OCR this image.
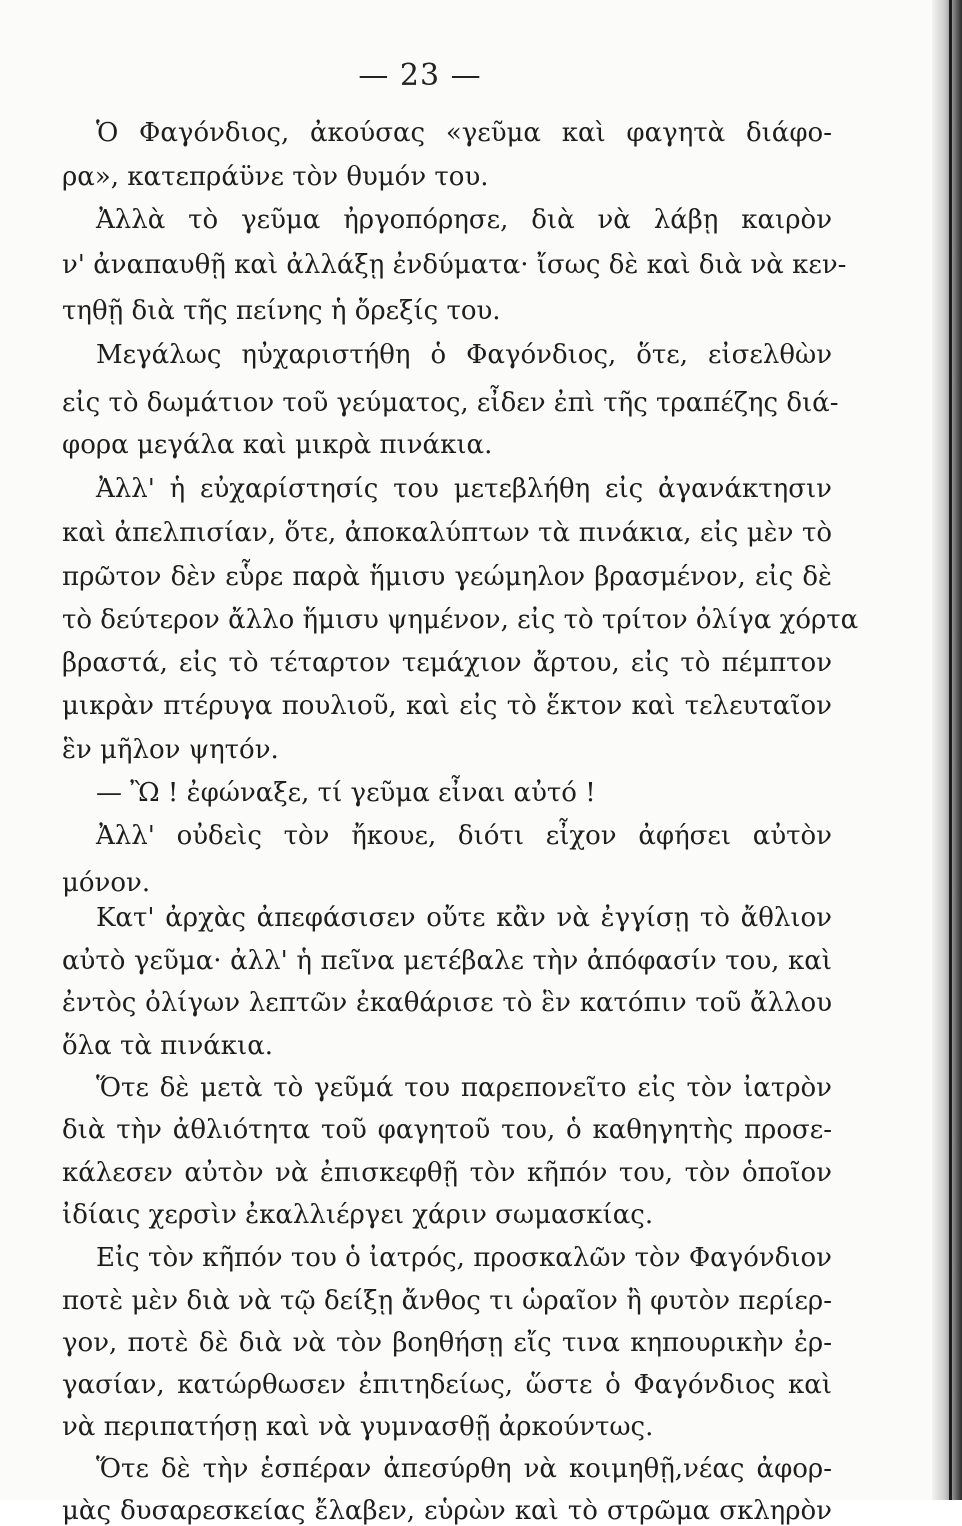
— 23 —
Ὁ Φαγόνδιος, ἀκούσας «γεῦμα καὶ φαγητὰ διάφο-
ρα», κατεπράϋνε τὸν θυμόν του.
Ἀλλὰ τὸ γεῦμα ἠργοπόρησε, διὰ νὰ λάβῃ καιρὸν
ν' ἀναπαυθῇ καὶ ἀλλάξῃ ἐνδύματα· ἴσως δὲ καὶ διὰ νὰ κεν-
τηθῇ διὰ τῆς πείνης ἡ ὄρεξίς του.
Μεγάλως ηὐχαριστήθη ὁ Φαγόνδιος, ὅτε, εἰσελθὼν
εἰς τὸ δωμάτιον τοῦ γεύματος, εἶδεν ἐπὶ τῆς τραπέζης διά-
φορα μεγάλα καὶ μικρὰ πινάκια.
Ἀλλ' ἡ εὐχαρίστησίς του μετεβλήθη εἰς ἀγανάκτησιν
καὶ ἀπελπισίαν, ὅτε, ἀποκαλύπτων τὰ πινάκια, εἰς μὲν τὸ
πρῶτον δὲν εὗρε παρὰ ἥμισυ γεώμηλον βρασμένον, εἰς δὲ
τὸ δεύτερον ἄλλο ἥμισυ ψημένον, εἰς τὸ τρίτον ὀλίγα χόρτα
βραστά, εἰς τὸ τέταρτον τεμάχιον ἄρτου, εἰς τὸ πέμπτον
μικρὰν πτέρυγα πουλιοῦ, καὶ εἰς τὸ ἕκτον καὶ τελευταῖον
ἓν μῆλον ψητόν.
— Ὢ ! ἐφώναξε, τί γεῦμα εἶναι αὐτό !
Ἀλλ' οὐδεὶς τὸν ἤκουε, διότι εἶχον ἀφήσει αὐτὸν
μόνον.
Κατ' ἀρχὰς ἀπεφάσισεν οὔτε κἂν νὰ ἐγγίσῃ τὸ ἄθλιον
αὐτὸ γεῦμα· ἀλλ' ἡ πεῖνα μετέβαλε τὴν ἀπόφασίν του, καὶ
ἐντὸς ὀλίγων λεπτῶν ἐκαθάρισε τὸ ἓν κατόπιν τοῦ ἄλλου
ὅλα τὰ πινάκια.
Ὅτε δὲ μετὰ τὸ γεῦμά του παρεπονεῖτο εἰς τὸν ἰατρὸν
διὰ τὴν ἀθλιότητα τοῦ φαγητοῦ του, ὁ καθηγητὴς προσε-
κάλεσεν αὐτὸν νὰ ἐπισκεφθῇ τὸν κῆπόν του, τὸν ὁποῖον
ἰδίαις χερσὶν ἐκαλλιέργει χάριν σωμασκίας.
Εἰς τὸν κῆπόν του ὁ ἰατρός, προσκαλῶν τὸν Φαγόνδιον
ποτὲ μὲν διὰ νὰ τῷ δείξῃ ἄνθος τι ὡραῖον ἢ φυτὸν περίερ-
γον, ποτὲ δὲ διὰ νὰ τὸν βοηθήσῃ εἴς τινα κηπουρικὴν ἐρ-
γασίαν, κατώρθωσεν ἐπιτηδείως, ὥστε ὁ Φαγόνδιος καὶ
νὰ περιπατήσῃ καὶ νὰ γυμνασθῇ ἀρκούντως.
Ὅτε δὲ τὴν ἑσπέραν ἀπεσύρθη νὰ κοιμηθῇ,νέας ἀφορ-
μὰς δυσαρεσκείας ἔλαβεν, εὑρὼν καὶ τὸ στρῶμα σκληρὸν
